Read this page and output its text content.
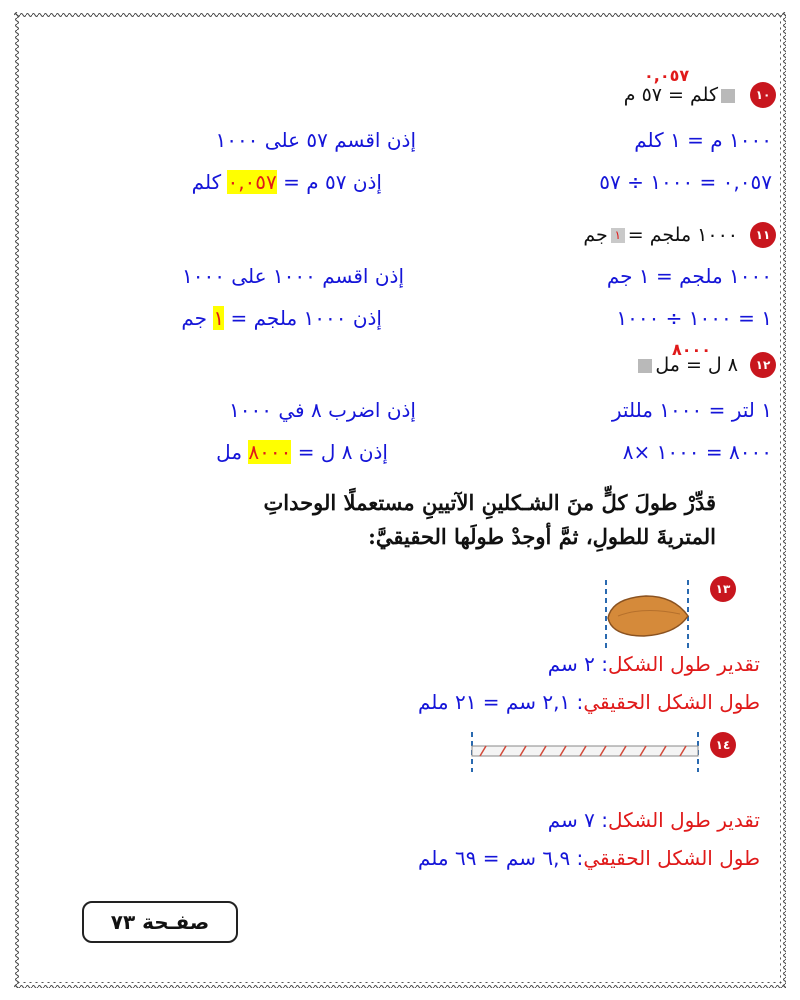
١٠
٠,٠٥٧
كلم = ٥٧ م
١٠٠٠ م = ١ كلم
إذن اقسم ٥٧ على ١٠٠٠
٠,٠٥٧ = ١٠٠٠ ÷ ٥٧
إذن ٥٧ م = ٠,٠٥٧ كلم
١١
١٠٠٠ ملجم =١جم
١٠٠٠ ملجم = ١ جم
إذن اقسم ١٠٠٠ على ١٠٠٠
١ = ١٠٠٠ ÷ ١٠٠٠
إذن ١٠٠٠ ملجم = ١ جم
١٢
٨٠٠٠
٨ ل = مل
١ لتر = ١٠٠٠ مللتر
إذن اضرب ٨ في ١٠٠٠
٨٠٠٠ = ١٠٠٠ ×٨
إذن ٨ ل = ٨٠٠٠ مل
قدِّرْ طولَ كلٍّ منَ الشـكلينِ الآتيينِ مستعملًا الوحداتِ
المتريةَ للطولِ، ثمَّ أوجدْ طولَها الحقيقيَّ:
١٣
تقدير طول الشكل: ٢ سم
طول الشكل الحقيقي: ٢,١ سم = ٢١ ملم
١٤
تقدير طول الشكل: ٧ سم
طول الشكل الحقيقي: ٦,٩ سم = ٦٩ ملم
صفـحة ٧٣
